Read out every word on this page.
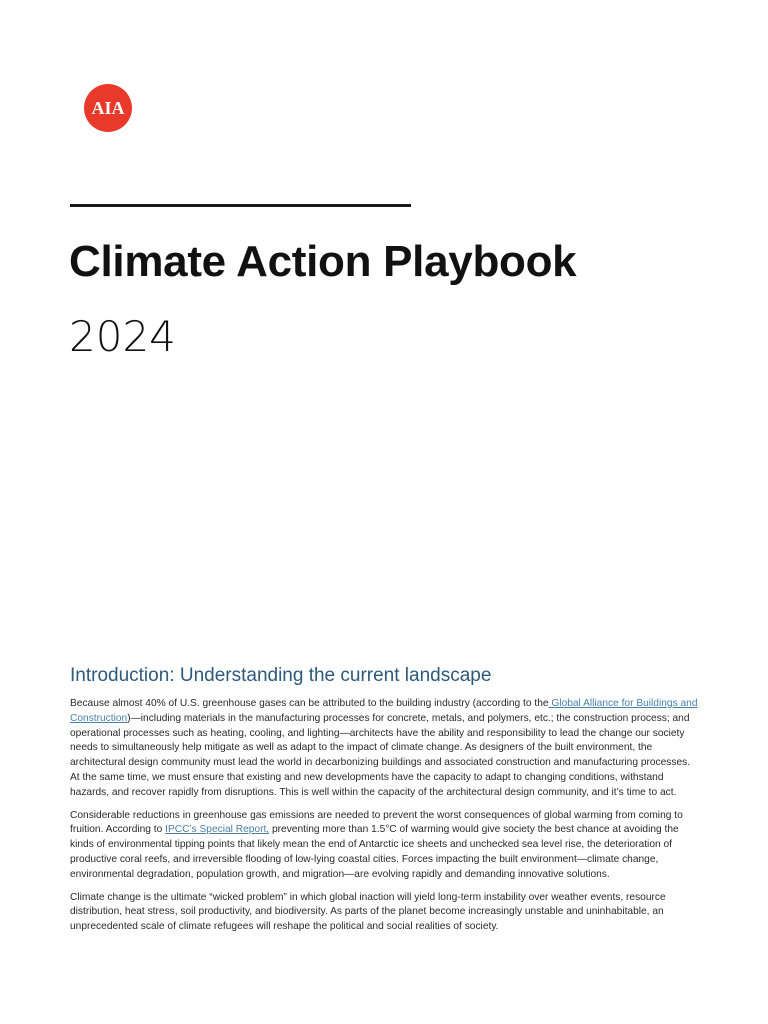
AIA
Climate Action Playbook
2024
Introduction: Understanding the current landscape

Because almost 40% of U.S. greenhouse gases can be attributed to the building industry (according to the Global Alliance for Buildings and Construction)—including materials in the manufacturing processes for concrete, metals, and polymers, etc.; the construction process; and operational processes such as heating, cooling, and lighting—architects have the ability and responsibility to lead the change our society needs to simultaneously help mitigate as well as adapt to the impact of climate change. As designers of the built environment, the architectural design community must lead the world in decarbonizing buildings and associated construction and manufacturing processes. At the same time, we must ensure that existing and new developments have the capacity to adapt to changing conditions, withstand hazards, and recover rapidly from disruptions. This is well within the capacity of the architectural design community, and it’s time to act.

Considerable reductions in greenhouse gas emissions are needed to prevent the worst consequences of global warming from coming to fruition. According to IPCC’s Special Report, preventing more than 1.5°C of warming would give society the best chance at avoiding the kinds of environmental tipping points that likely mean the end of Antarctic ice sheets and unchecked sea level rise, the deterioration of productive coral reefs, and irreversible flooding of low-lying coastal cities. Forces impacting the built environment—climate change, environmental degradation, population growth, and migration—are evolving rapidly and demanding innovative solutions.

Climate change is the ultimate “wicked problem” in which global inaction will yield long-term instability over weather events, resource distribution, heat stress, soil productivity, and biodiversity. As parts of the planet become increasingly unstable and uninhabitable, an unprecedented scale of climate refugees will reshape the political and social realities of society.
